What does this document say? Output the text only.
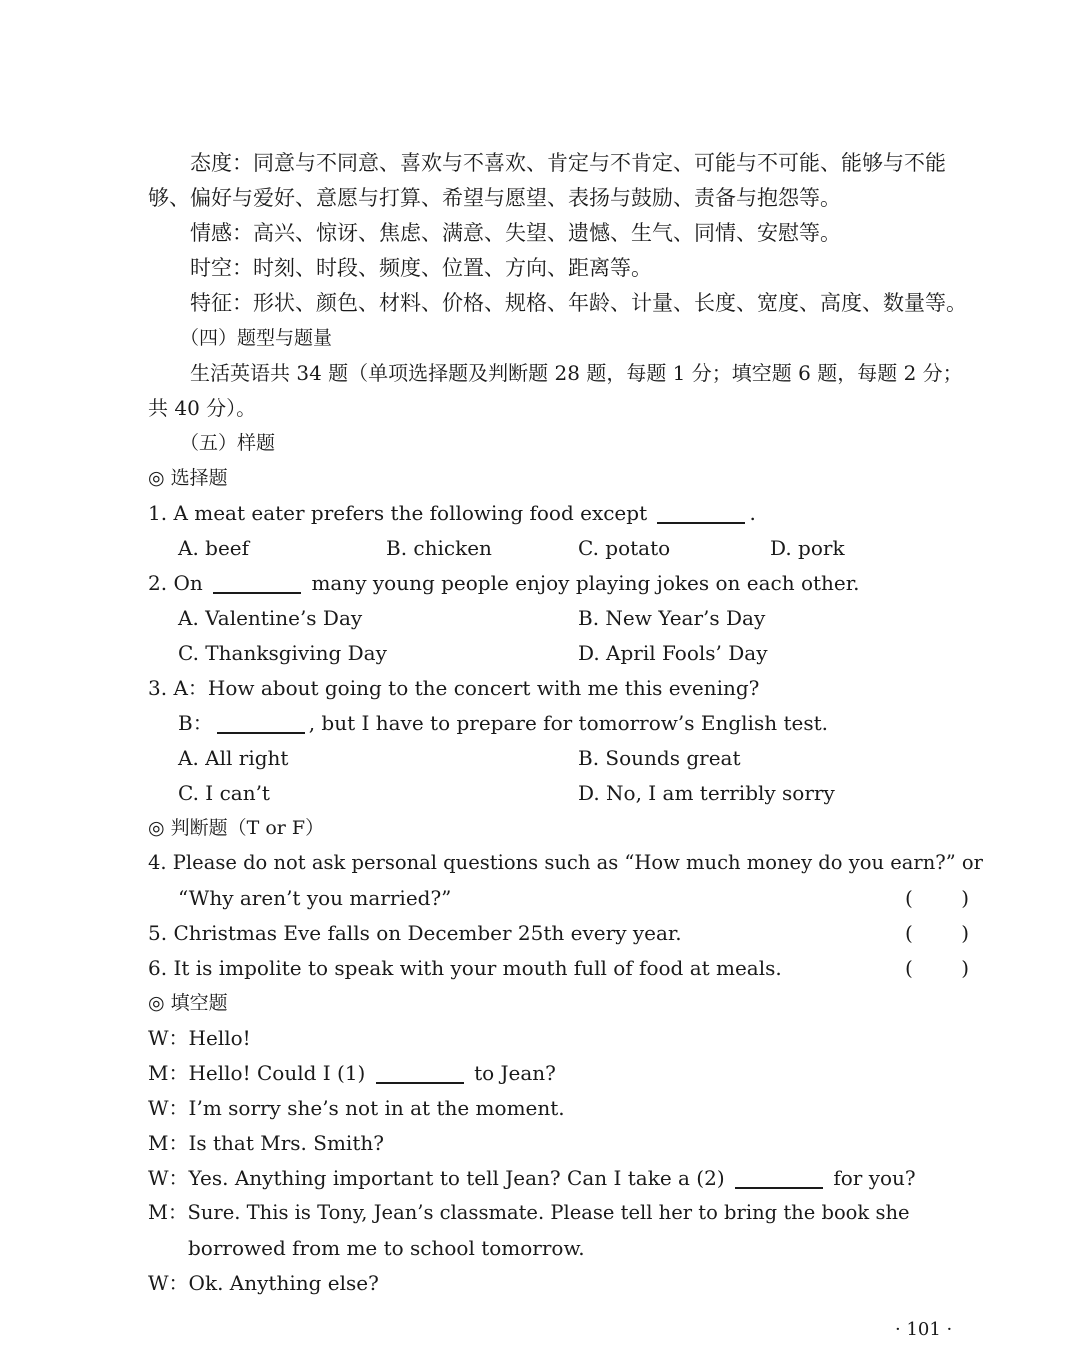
态度：同意与不同意、喜欢与不喜欢、肯定与不肯定、可能与不可能、能够与不能
够、偏好与爱好、意愿与打算、希望与愿望、表扬与鼓励、责备与抱怨等。
情感：高兴、惊讶、焦虑、满意、失望、遗憾、生气、同情、安慰等。
时空：时刻、时段、频度、位置、方向、距离等。
特征：形状、颜色、材料、价格、规格、年龄、计量、长度、宽度、高度、数量等。
（四）题型与题量
生活英语共 34 题（单项选择题及判断题 28 题，每题 1 分；填空题 6 题，每题 2 分；
共 40 分）。
（五）样题
◎ 选择题
1. A meat eater prefers the following food except	.
A. beef	B. chicken	C. potato	D. pork
2. On	many young people enjoy playing jokes on each other.
A. Valentine’s Day	B. New Year’s Day
C. Thanksgiving Day	D. April Fools’ Day
3. A：How about going to the concert with me this evening?
B：	, but I have to prepare for tomorrow’s English test.
A. All right	B. Sounds great
C. I can’t	D. No, I am terribly sorry
◎ 判断题（T or F）
4. Please do not ask personal questions such as “How much money do you earn?” or
“Why aren’t you married?”	( )
5. Christmas Eve falls on December 25th every year.	( )
6. It is impolite to speak with your mouth full of food at meals.	( )
◎ 填空题
W：Hello!
M：Hello! Could I (1)	to Jean?
W：I’m sorry she’s not in at the moment.
M：Is that Mrs. Smith?
W：Yes. Anything important to tell Jean? Can I take a (2)	for you?
M：Sure. This is Tony, Jean’s classmate. Please tell her to bring the book she
borrowed from me to school tomorrow.
W：Ok. Anything else?
· 101 ·
